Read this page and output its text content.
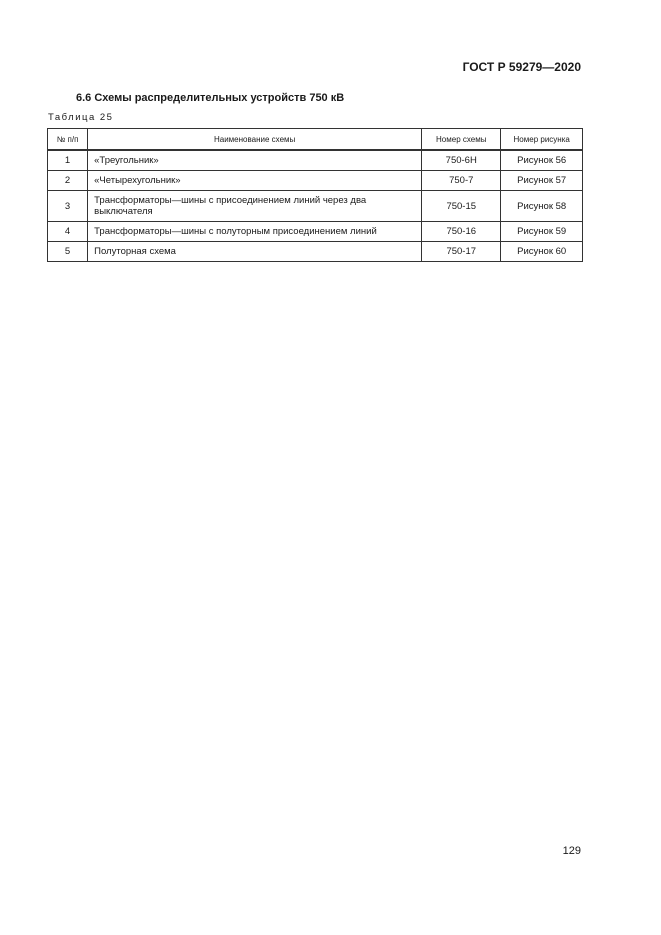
ГОСТ Р 59279—2020
6.6 Схемы распределительных устройств 750 кВ
Таблица 25
№ п/п	Наименование схемы	Номер схемы	Номер рисунка
1	«Треугольник»	750-6Н	Рисунок 56
2	«Четырехугольник»	750-7	Рисунок 57
3	Трансформаторы—шины с присоединением линий через два выключателя	750-15	Рисунок 58
4	Трансформаторы—шины с полуторным присоединением линий	750-16	Рисунок 59
5	Полуторная схема	750-17	Рисунок 60
129
